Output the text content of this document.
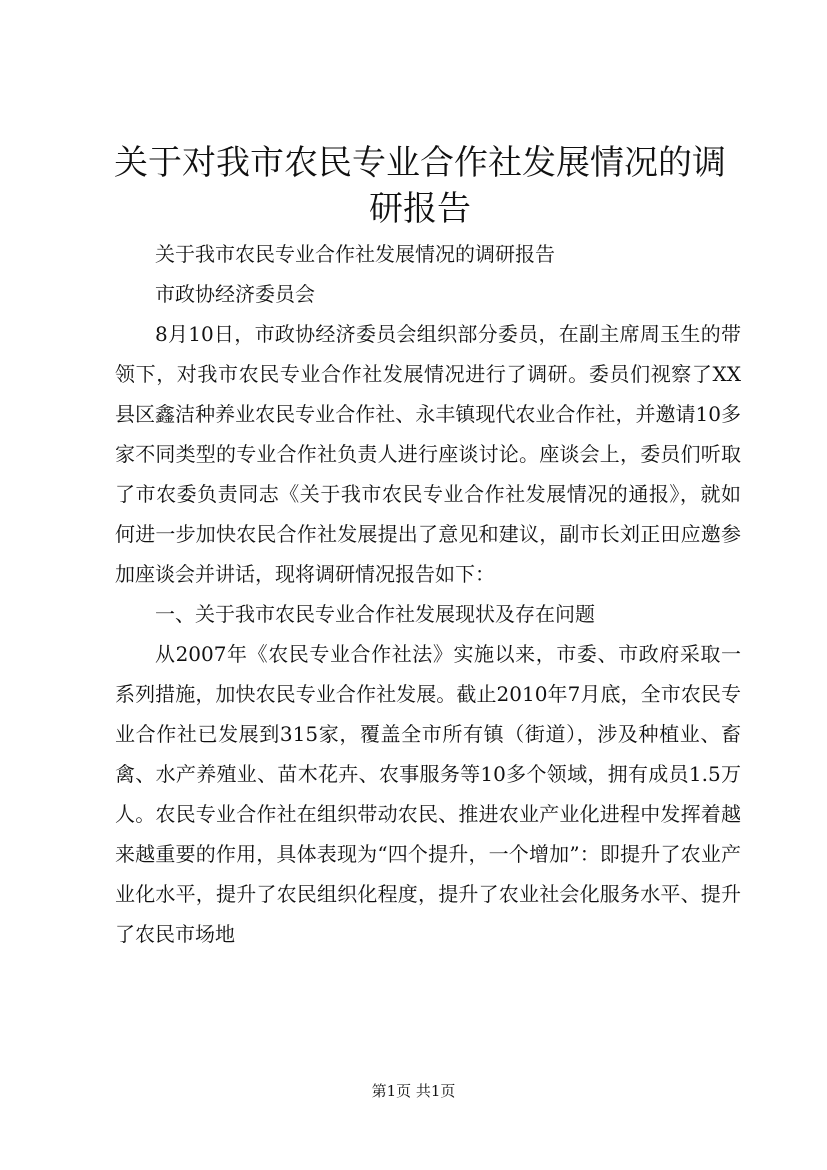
关于对我市农民专业合作社发展情况的调研报告

关于我市农民专业合作社发展情况的调研报告

市政协经济委员会

8月10日，市政协经济委员会组织部分委员，在副主席周玉生的带领下，对我市农民专业合作社发展情况进行了调研。委员们视察了XX县区鑫洁种养业农民专业合作社、永丰镇现代农业合作社，并邀请10多家不同类型的专业合作社负责人进行座谈讨论。座谈会上，委员们听取了市农委负责同志《关于我市农民专业合作社发展情况的通报》，就如何进一步加快农民合作社发展提出了意见和建议，副市长刘正田应邀参加座谈会并讲话，现将调研情况报告如下：

一、关于我市农民专业合作社发展现状及存在问题

从2007年《农民专业合作社法》实施以来，市委、市政府采取一系列措施，加快农民专业合作社发展。截止2010年7月底，全市农民专业合作社已发展到315家，覆盖全市所有镇（街道），涉及种植业、畜禽、水产养殖业、苗木花卉、农事服务等10多个领域，拥有成员1.5万人。农民专业合作社在组织带动农民、推进农业产业化进程中发挥着越来越重要的作用，具体表现为“四个提升，一个增加”：即提升了农业产业化水平，提升了农民组织化程度，提升了农业社会化服务水平、提升了农民市场地

第1页 共1页
